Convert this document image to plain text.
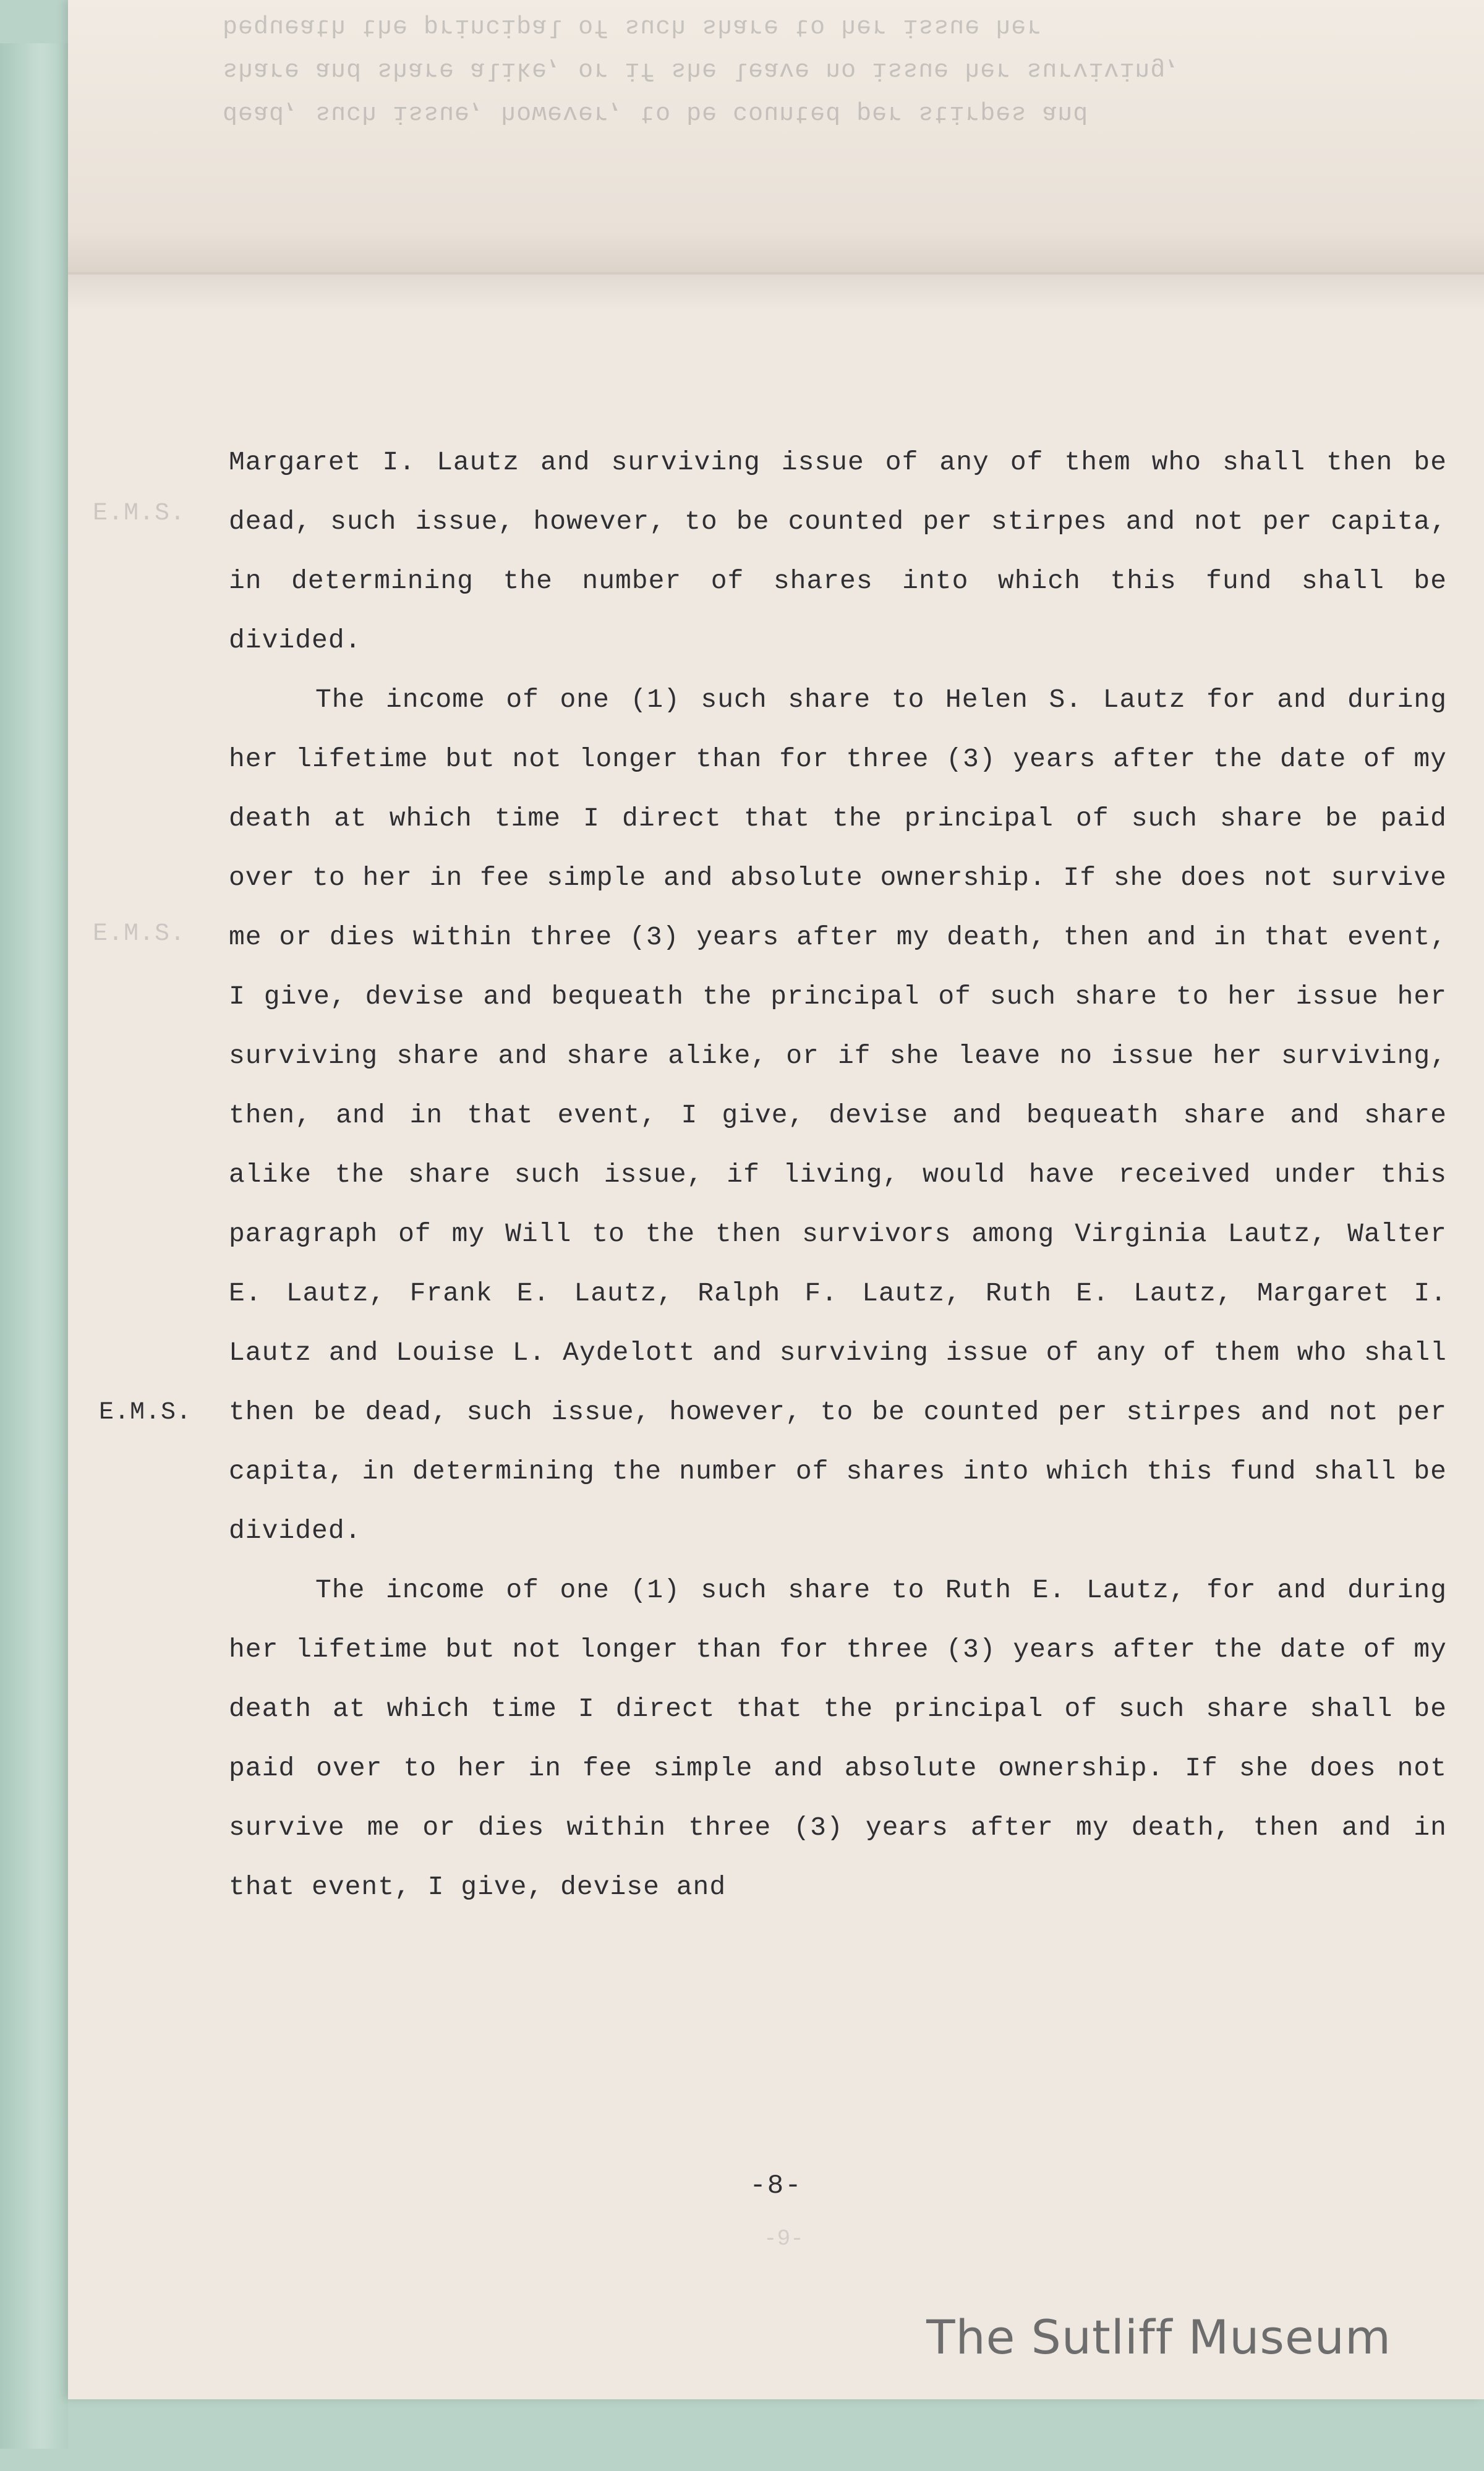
bequeath the principal of such share to her issue her
share and share alike, or if she leave no issue her surviving,
dead, such issue, however, to be counted per stirpes and
E.M.S.
E.M.S.

Margaret I. Lautz and surviving issue of any of them who shall then be dead, such issue, however, to be counted per stirpes and not per capita, in determining the number of shares into which this fund shall be divided.

The income of one (1) such share to Helen S. Lautz for and during her lifetime but not longer than for three (3) years after the date of my death at which time I direct that the principal of such share be paid over to her in fee simple and absolute ownership. If she does not survive me or dies within three (3) years after my death, then and in that event, I give, devise and bequeath the principal of such share to her issue her surviving share and share alike, or if she leave no issue her surviving, then, and in that event, I give, devise and bequeath share and share alike the share such issue, if living, would have received under this paragraph of my Will to the then survivors among Virginia Lautz, Walter E. Lautz, Frank E. Lautz, Ralph F. Lautz, Ruth E. Lautz, Margaret I. Lautz and Louise L. Aydelott and surviving issue of any of them who shall then be dead, such issue, however, to be counted per stirpes and not per capita, in determining the number of shares into which this fund shall be divided.

The income of one (1) such share to Ruth E. Lautz, for and during her lifetime but not longer than for three (3) years after the date of my death at which time I direct that the principal of such share shall be paid over to her in fee simple and absolute ownership. If she does not survive me or dies within three (3) years after my death, then and in that event, I give, devise and

E.M.S.
-8-
-9-
The Sutliff Museum
